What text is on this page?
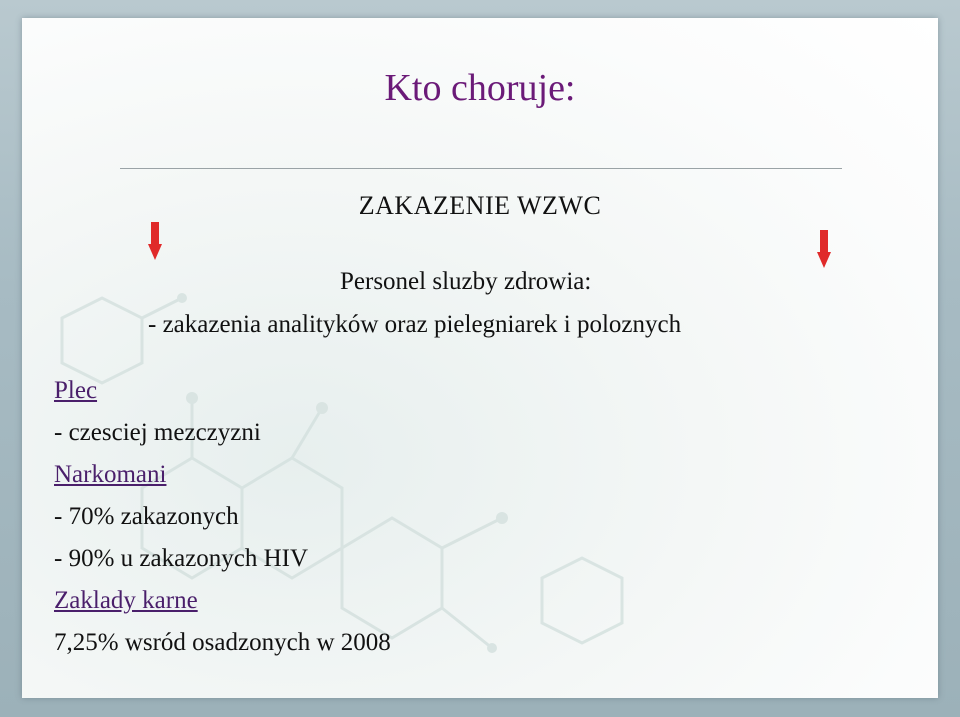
Kto choruje:
ZAKAZENIE WZWC
Personel sluzby zdrowia:
- zakazenia analityków oraz pielegniarek i poloznych
Plec
- czesciej mezczyzni
Narkomani
- 70% zakazonych
- 90% u zakazonych HIV
Zaklady karne
7,25% wsród osadzonych w 2008
